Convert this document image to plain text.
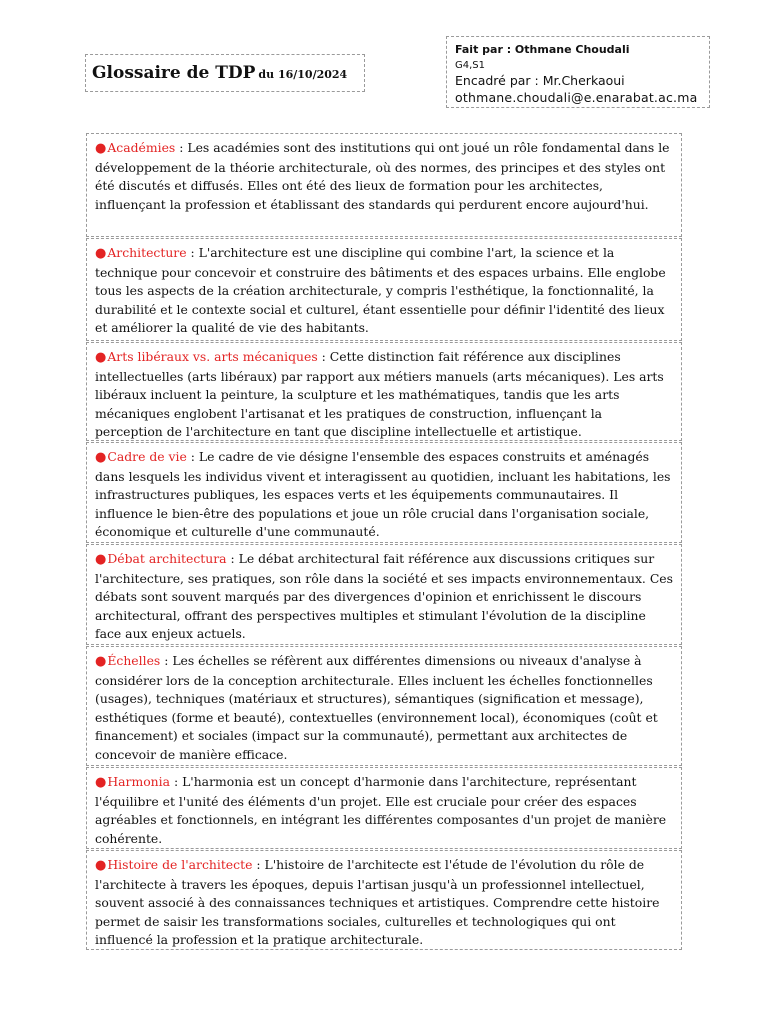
Glossaire de TDP du 16/10/2024
Fait par : Othmane Choudali
G4,S1
Encadré par : Mr.Cherkaoui
othmane.choudali@e.enarabat.ac.ma

●Académies : Les académies sont des institutions qui ont joué un rôle fondamental dans le développement de la théorie architecturale, où des normes, des principes et des styles ont été discutés et diffusés. Elles ont été des lieux de formation pour les architectes, influençant la profession et établissant des standards qui perdurent encore aujourd'hui.

●Architecture : L'architecture est une discipline qui combine l'art, la science et la technique pour concevoir et construire des bâtiments et des espaces urbains. Elle englobe tous les aspects de la création architecturale, y compris l'esthétique, la fonctionnalité, la durabilité et le contexte social et culturel, étant essentielle pour définir l'identité des lieux et améliorer la qualité de vie des habitants.

●Arts libéraux vs. arts mécaniques : Cette distinction fait référence aux disciplines intellectuelles (arts libéraux) par rapport aux métiers manuels (arts mécaniques). Les arts libéraux incluent la peinture, la sculpture et les mathématiques, tandis que les arts mécaniques englobent l'artisanat et les pratiques de construction, influençant la perception de l'architecture en tant que discipline intellectuelle et artistique.

●Cadre de vie : Le cadre de vie désigne l'ensemble des espaces construits et aménagés dans lesquels les individus vivent et interagissent au quotidien, incluant les habitations, les infrastructures publiques, les espaces verts et les équipements communautaires. Il influence le bien-être des populations et joue un rôle crucial dans l'organisation sociale, économique et culturelle d'une communauté.

●Débat architectura : Le débat architectural fait référence aux discussions critiques sur l'architecture, ses pratiques, son rôle dans la société et ses impacts environnementaux. Ces débats sont souvent marqués par des divergences d'opinion et enrichissent le discours architectural, offrant des perspectives multiples et stimulant l'évolution de la discipline face aux enjeux actuels.

●Échelles : Les échelles se réfèrent aux différentes dimensions ou niveaux d'analyse à considérer lors de la conception architecturale. Elles incluent les échelles fonctionnelles (usages), techniques (matériaux et structures), sémantiques (signification et message), esthétiques (forme et beauté), contextuelles (environnement local), économiques (coût et financement) et sociales (impact sur la communauté), permettant aux architectes de concevoir de manière efficace.

●Harmonia : L'harmonia est un concept d'harmonie dans l'architecture, représentant l'équilibre et l'unité des éléments d'un projet. Elle est cruciale pour créer des espaces agréables et fonctionnels, en intégrant les différentes composantes d'un projet de manière cohérente.

●Histoire de l'architecte : L'histoire de l'architecte est l'étude de l'évolution du rôle de l'architecte à travers les époques, depuis l'artisan jusqu'à un professionnel intellectuel, souvent associé à des connaissances techniques et artistiques. Comprendre cette histoire permet de saisir les transformations sociales, culturelles et technologiques qui ont influencé la profession et la pratique architecturale.
